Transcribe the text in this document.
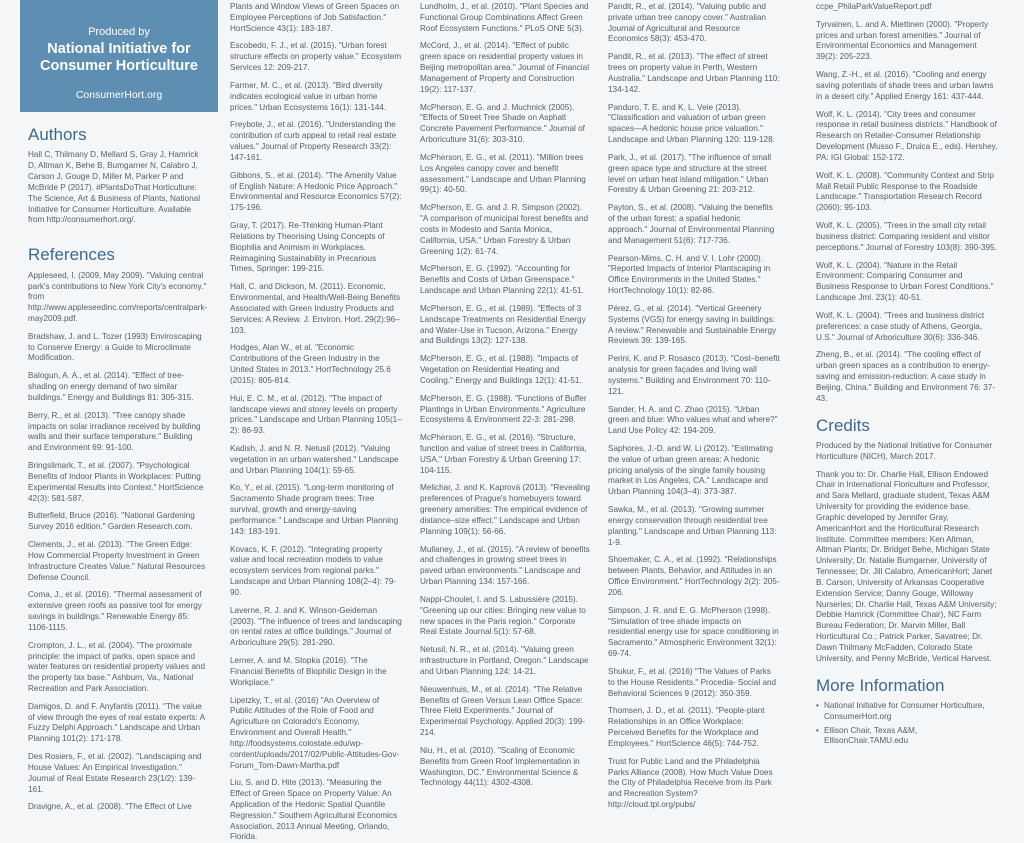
Produced by
National Initiative for
Consumer Horticulture
ConsumerHort.org
Authors

Hall C, Thilmany D, Mellard S, Gray J, Hamrick D, Altman K, Behe B, Bumgarner N, Calabro J, Carson J, Gouge D, Miller M, Parker P and McBride P (2017). #PlantsDoThat Horticulture: The Science, Art & Business of Plants, National Initiative for Consumer Horticulture. Available from http://consumerhort.org/.

References

Appleseed, I. (2009, May 2009). "Valuing central park's contributions to New York City's economy." from http://www.appleseedinc.com/reports/centralpark-may2009.pdf.

Bradshaw, J. and L. Tozer (1993) Enviroscaping to Conserve Energy: a Guide to Microclimate Modification.

Balogun, A. A., et al. (2014). "Effect of tree-shading on energy demand of two similar buildings." Energy and Buildings 81: 305-315.

Berry, R., et al. (2013). "Tree canopy shade impacts on solar irradiance received by building walls and their surface temperature." Building and Environment 69: 91-100.

Bringslimark, T., et al. (2007). "Psychological Benefits of Indoor Plants in Workplaces: Putting Experimental Results into Context." HortScience 42(3): 581-587.

Butterfield, Bruce (2016). "National Gardening Survey 2016 edition." Garden Research.com.

Clements, J., et al. (2013). "The Green Edge: How Commercial Property Investment in Green Infrastructure Creates Value." Natural Resources Defense Council.

Coma, J., et al. (2016). "Thermal assessment of extensive green roofs as passive tool for energy savings in buildings." Renewable Energy 85: 1106-1115.

Crompton, J. L., et al. (2004). "The proximate principle: the impact of parks, open space and water features on residential property values and the property tax base." Ashburn, Va., National Recreation and Park Association.

Damigos, D. and F. Anyfantis (2011). "The value of view through the eyes of real estate experts: A Fuzzy Delphi Approach." Landscape and Urban Planning 101(2): 171-178.

Des Rosiers, F., et al. (2002). "Landscaping and House Values: An Empirical Investigation." Journal of Real Estate Research 23(1/2): 139-161.

Dravigne, A., et al. (2008). "The Effect of Live

Plants and Window Views of Green Spaces on Employee Perceptions of Job Satisfaction." HortScience 43(1): 183-187.

Escobedo, F. J., et al. (2015). "Urban forest structure effects on property value." Ecosystem Services 12: 209-217.

Farmer, M. C., et al. (2013). "Bird diversity indicates ecological value in urban home prices." Urban Ecosystems 16(1): 131-144.

Freybote, J., et al. (2016). "Understanding the contribution of curb appeal to retail real estate values." Journal of Property Research 33(2): 147-161.

Gibbons, S., et al. (2014). "The Amenity Value of English Nature: A Hedonic Price Approach." Environmental and Resource Economics 57(2): 175-196.

Gray, T. (2017). Re-Thinking Human-Plant Relations by Theorising Using Concepts of Biophilia and Animism in Workplaces. Reimagining Sustainability in Precarious Times, Springer: 199-215.

Hall, C. and Dickson, M. (2011). Economic, Environmental, and Health/Well-Being Benefits Associated with Green Industry Products and Services: A Review. J. Environ. Hort. 29(2):96–103.

Hodges, Alan W., et al. "Economic Contributions of the Green Industry in the United States in 2013." HortTechnology 25.6 (2015): 805-814.

Hui, E. C. M., et al. (2012). "The impact of landscape views and storey levels on property prices." Landscape and Urban Planning 105(1–2): 86-93.

Kadish, J. and N. R. Netusil (2012). "Valuing vegetation in an urban watershed." Landscape and Urban Planning 104(1): 59-65.

Ko, Y., et al. (2015). "Long-term monitoring of Sacramento Shade program trees: Tree survival, growth and energy-saving performance." Landscape and Urban Planning 143: 183-191.

Kovacs, K. F. (2012). "Integrating property value and local recreation models to value ecosystem services from regional parks." Landscape and Urban Planning 108(2–4): 79-90.

Laverne, R. J. and K. Winson-Geideman (2003). "The influence of trees and landscaping on rental rates at office buildings." Journal of Arboriculture 29(5): 281-290.

Lerner, A. and M. Stopka (2016). "The Financial Benefits of Biophilic Design in the Workplace."

Lipetzky, T., et al. (2016) "An Overview of Public Attitudes of the Role of Food and Agriculture on Colorado's Economy, Environment and Overall Health." http://foodsystems.colostate.edu/wp-content/uploads/2017/02/Public-Attitudes-Gov-Forum_Tom-Dawn-Martha.pdf

Liu, S. and D. Hite (2013). "Measuring the Effect of Green Space on Property Value: An Application of the Hedonic Spatial Quantile Regression." Southern Agricultural Economics Association, 2013 Annual Meeting, Orlando, Florida.

Lundholm, J., et al. (2010). "Plant Species and Functional Group Combinations Affect Green Roof Ecosystem Functions." PLoS ONE 5(3).

McCord, J., et al. (2014). "Effect of public green space on residential property values in Beijing metropolitan area." Journal of Financial Management of Property and Construction 19(2): 117-137.

McPherson, E. G. and J. Muchnick (2005). "Effects of Street Tree Shade on Asphalt Concrete Pavement Performance." Journal of Arboriculture 31(6): 303-310.

McPherson, E. G., et al. (2011). "Million trees Los Angeles canopy cover and benefit assessment." Landscape and Urban Planning 99(1): 40-50.

McPherson, E. G. and J. R. Simpson (2002). "A comparison of municipal forest benefits and costs in Modesto and Santa Monica, California, USA." Urban Forestry & Urban Greening 1(2): 61-74.

McPherson, E. G. (1992). "Accounting for Benefits and Costs of Urban Greenspace." Landscape and Urban Planning 22(1): 41-51.

McPherson, E. G., et al. (1989). "Effects of 3 Landscape Treatments on Residential Energy and Water-Use in Tucson, Arizona." Energy and Buildings 13(2): 127-138.

McPherson, E. G., et al. (1988). "Impacts of Vegetation on Residential Heating and Cooling." Energy and Buildings 12(1): 41-51.

McPherson, E. G. (1988). "Functions of Buffer Plantings in Urban Environments." Agriculture Ecosystems & Environment 22-3: 281-298.

McPherson, E. G., et al. (2016). "Structure, function and value of street trees in California, USA." Urban Forestry & Urban Greening 17: 104-115.

Melichar, J. and K. Kaprová (2013). "Revealing preferences of Prague's homebuyers toward greenery amenities: The empirical evidence of distance–size effect." Landscape and Urban Planning 109(1): 56-66.

Mullaney, J., et al. (2015). "A review of benefits and challenges in growing street trees in paved urban environments." Landscape and Urban Planning 134: 157-166.

Nappi-Choulet, I. and S. Labussière (2015). "Greening up our cities: Bringing new value to new spaces in the Paris region." Corporate Real Estate Journal 5(1): 57-68.

Netusil, N. R., et al. (2014). "Valuing green infrastructure in Portland, Oregon." Landscape and Urban Planning 124: 14-21.

Nieuwenhuis, M., et al. (2014). "The Relative Benefits of Green Versus Lean Office Space: Three Field Experiments." Journal of Experimental Psychology. Applied 20(3): 199-214.

Niu, H., et al. (2010). "Scaling of Economic Benefits from Green Roof Implementation in Washington, DC." Environmental Science & Technology 44(11): 4302-4308.

Pandit, R., et al. (2014). "Valuing public and private urban tree canopy cover." Australian Journal of Agricultural and Resource Economics 58(3): 453-470.

Pandit, R., et al. (2013). "The effect of street trees on property value in Perth, Western Australia." Landscape and Urban Planning 110: 134-142.

Panduro, T. E. and K. L. Veie (2013). "Classification and valuation of urban green spaces—A hedonic house price valuation." Landscape and Urban Planning 120: 119-128.

Park, J., et al. (2017). "The influence of small green space type and structure at the street level on urban heat island mitigation." Urban Forestry & Urban Greening 21: 203-212.

Payton, S., et al. (2008). "Valuing the benefits of the urban forest: a spatial hedonic approach." Journal of Environmental Planning and Management 51(6): 717-736.

Pearson-Mims, C. H. and V. I. Lohr (2000). "Reported Impacts of Interior Plantscaping in Office Environments in the United States." HortTechnology 10(1): 82-86.

Pérez, G., et al. (2014). "Vertical Greenery Systems (VGS) for energy saving in buildings: A review." Renewable and Sustainable Energy Reviews 39: 139-165.

Perini, K. and P. Rosasco (2013). "Cost–benefit analysis for green façades and living wall systems." Building and Environment 70: 110-121.

Sander, H. A. and C. Zhao (2015). "Urban green and blue: Who values what and where?" Land Use Policy 42: 194-209.

Saphores, J.-D. and W. Li (2012). "Estimating the value of urban green areas: A hedonic pricing analysis of the single family housing market in Los Angeles, CA." Landscape and Urban Planning 104(3–4): 373-387.

Sawka, M., et al. (2013). "Growing summer energy conservation through residential tree planting." Landscape and Urban Planning 113: 1-9.

Shoemaker, C. A., et al. (1992). "Relationships between Plants, Behavior, and Attitudes in an Office Environment." HortTechnology 2(2): 205-206.

Simpson, J. R. and E. G. McPherson (1998). "Simulation of tree shade impacts on residential energy use for space conditioning in Sacramento." Atmospheric Environment 32(1): 69-74.

Shukur, F., et al. (2016) "The Values of Parks to the House Residents." Procedia- Social and Behavioral Sciences 9 (2012): 350-359.

Thomsen, J. D., et al. (2011). "People-plant Relationships in an Office Workplace: Perceived Benefits for the Workplace and Employees." HortScience 46(5): 744-752.

Trust for Public Land and the Philadelphia Parks Alliance (2008). How Much Value Does the City of Philadelphia Receive from its Park and Recreation System? http://cloud.tpl.org/pubs/

ccpe_PhilaParkValueReport.pdf

Tyrvainen, L. and A. Miettinen (2000). "Property prices and urban forest amenities." Journal of Environmental Economics and Management 39(2): 205-223.

Wang, Z.-H., et al. (2016). "Cooling and energy saving potentials of shade trees and urban lawns in a desert city." Applied Energy 161: 437-444.

Wolf, K. L. (2014). "City trees and consumer response in retail business districts." Handbook of Research on Retailer-Consumer Relationship Development (Musso F., Druica E., eds). Hershey, PA: IGI Global: 152-172.

Wolf, K. L. (2008). "Community Context and Strip Mall Retail Public Response to the Roadside Landscape." Transportation Research Record (2060): 95-103.

Wolf, K. L. (2005). "Trees in the small city retail business district: Comparing resident and visitor perceptions." Journal of Forestry 103(8): 390-395.

Wolf, K. L. (2004). "Nature in the Retail Environment: Comparing Consumer and Business Response to Urban Forest Conditions." Landscape Jml. 23(1): 40-51.

Wolf, K. L. (2004). "Trees and business district preferences: a case study of Athens, Georgia, U.S." Journal of Arboriculture 30(6): 336-346.

Zheng, B., et al. (2014). "The cooling effect of urban green spaces as a contribution to energy-saving and emission-reduction: A case study in Beijing, China." Building and Environment 76: 37-43.

Credits

Produced by the National Initiative for Consumer Horticulture (NICH), March 2017.

Thank you to: Dr. Charlie Hall, Ellison Endowed Chair in International Floriculture and Professor, and Sara Mellard, graduate student, Texas A&M University for providing the evidence base. Graphic developed by Jennifer Gray, AmericanHort and the Horticultural Research Institute. Committee members: Ken Altman, Altman Plants; Dr. Bridget Behe, Michigan State University; Dr. Natalie Bumgarner, University of Tennessee; Dr. Jill Calabro, AmericanHort; Janet B. Carson, University of Arkansas Cooperative Extension Service; Danny Gouge, Willoway Nurseries; Dr. Charlie Hall, Texas A&M University; Debbie Hamrick (Committee Chair), NC Farm Bureau Federation; Dr. Marvin Miller, Ball Horticultural Co.; Patrick Parker, Savatree; Dr. Dawn Thilmany McFadden, Colorado State University, and Penny McBride, Vertical Harvest.

More Information
• National Initiative for Consumer Horticulture, ConsumerHort.org
• Ellison Chair, Texas A&M, EllisonChair.TAMU.edu
